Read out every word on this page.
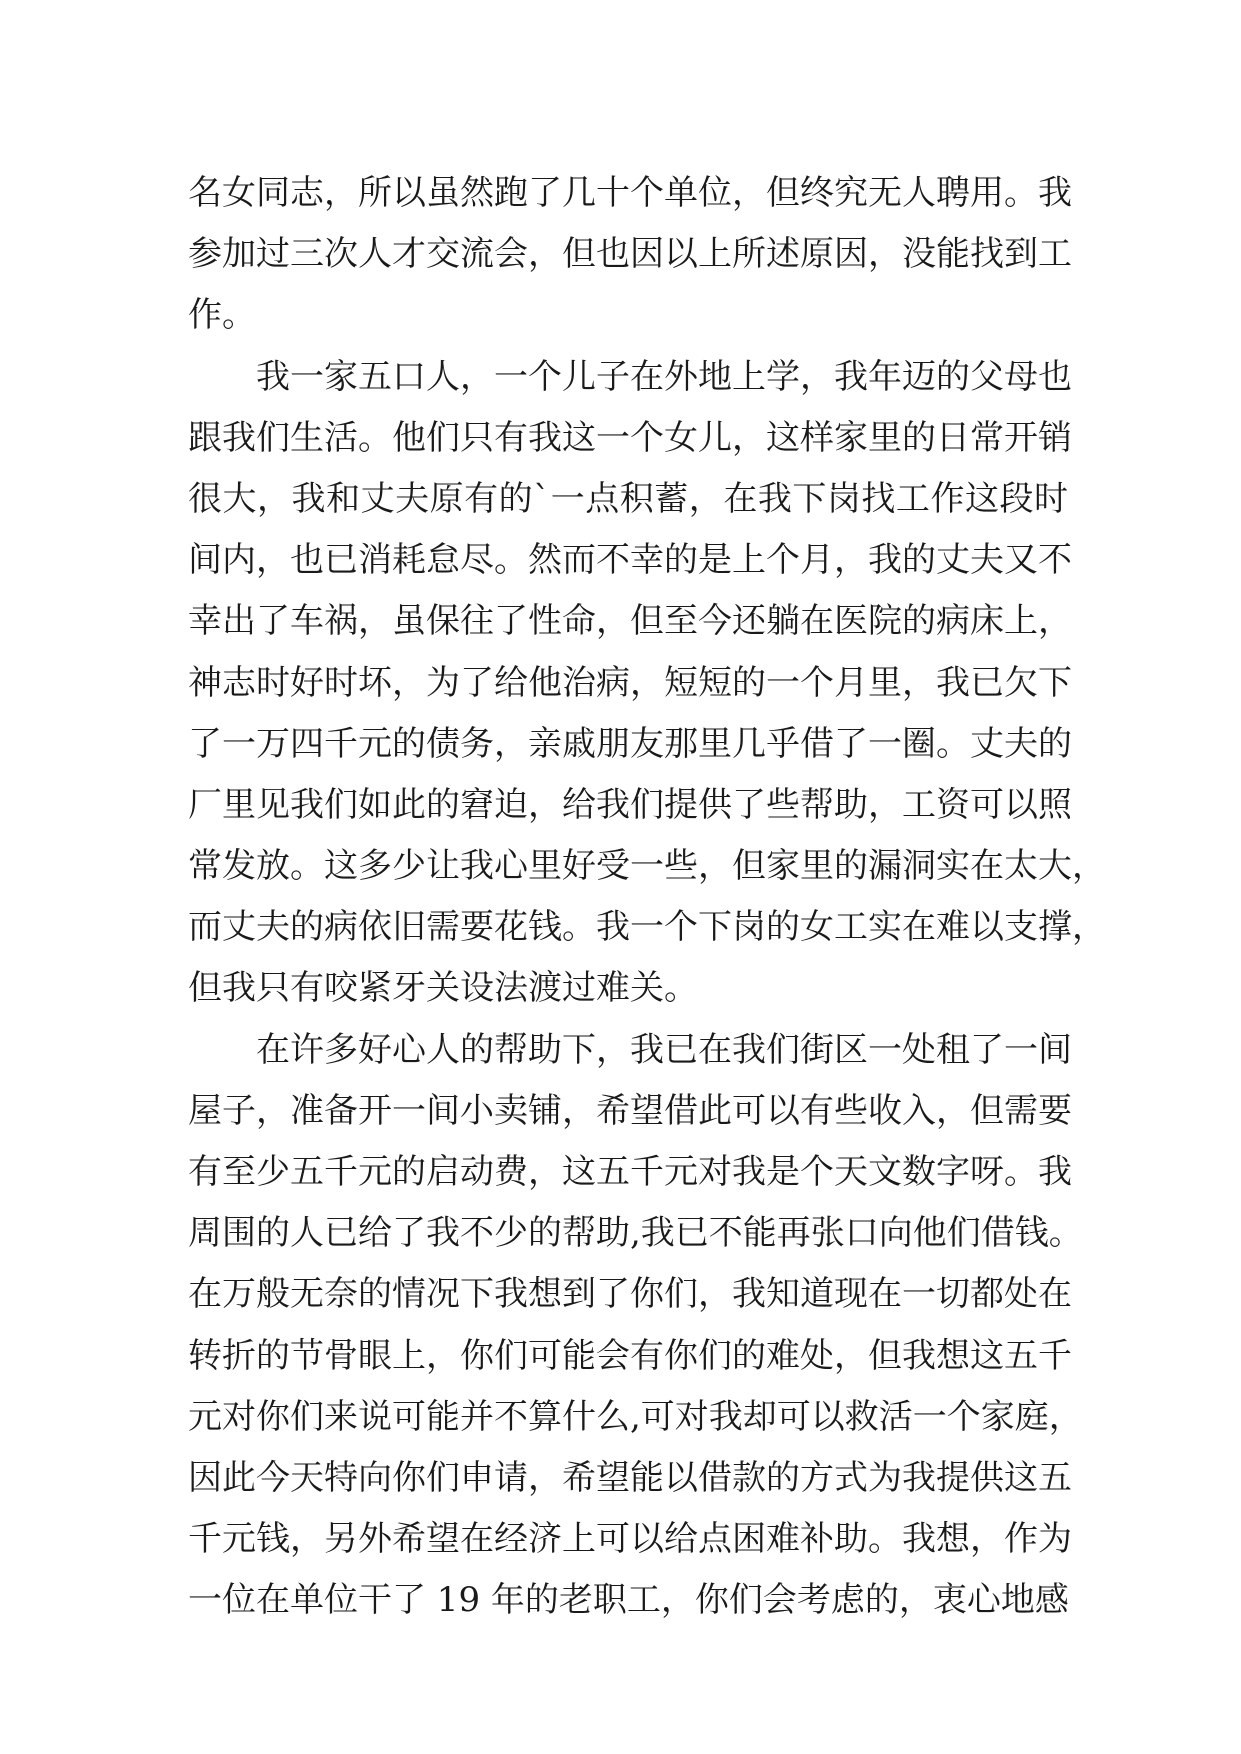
名女同志，所以虽然跑了几十个单位，但终究无人聘用。我
参加过三次人才交流会，但也因以上所述原因，没能找到工
作。
我一家五口人，一个儿子在外地上学，我年迈的父母也
跟我们生活。他们只有我这一个女儿，这样家里的日常开销
很大，我和丈夫原有的`一点积蓄，在我下岗找工作这段时
间内，也已消耗怠尽。然而不幸的是上个月，我的丈夫又不
幸出了车祸，虽保往了性命，但至今还躺在医院的病床上，
神志时好时坏，为了给他治病，短短的一个月里，我已欠下
了一万四千元的债务，亲戚朋友那里几乎借了一圈。丈夫的
厂里见我们如此的窘迫，给我们提供了些帮助，工资可以照
常发放。这多少让我心里好受一些，但家里的漏洞实在太大，
而丈夫的病依旧需要花钱。我一个下岗的女工实在难以支撑，
但我只有咬紧牙关设法渡过难关。
在许多好心人的帮助下，我已在我们街区一处租了一间
屋子，准备开一间小卖铺，希望借此可以有些收入，但需要
有至少五千元的启动费，这五千元对我是个天文数字呀。我
周围的人已给了我不少的帮助,我已不能再张口向他们借钱。
在万般无奈的情况下我想到了你们，我知道现在一切都处在
转折的节骨眼上，你们可能会有你们的难处，但我想这五千
元对你们来说可能并不算什么,可对我却可以救活一个家庭，
因此今天特向你们申请，希望能以借款的方式为我提供这五
千元钱，另外希望在经济上可以给点困难补助。我想，作为
一位在单位干了 19 年的老职工，你们会考虑的，衷心地感
